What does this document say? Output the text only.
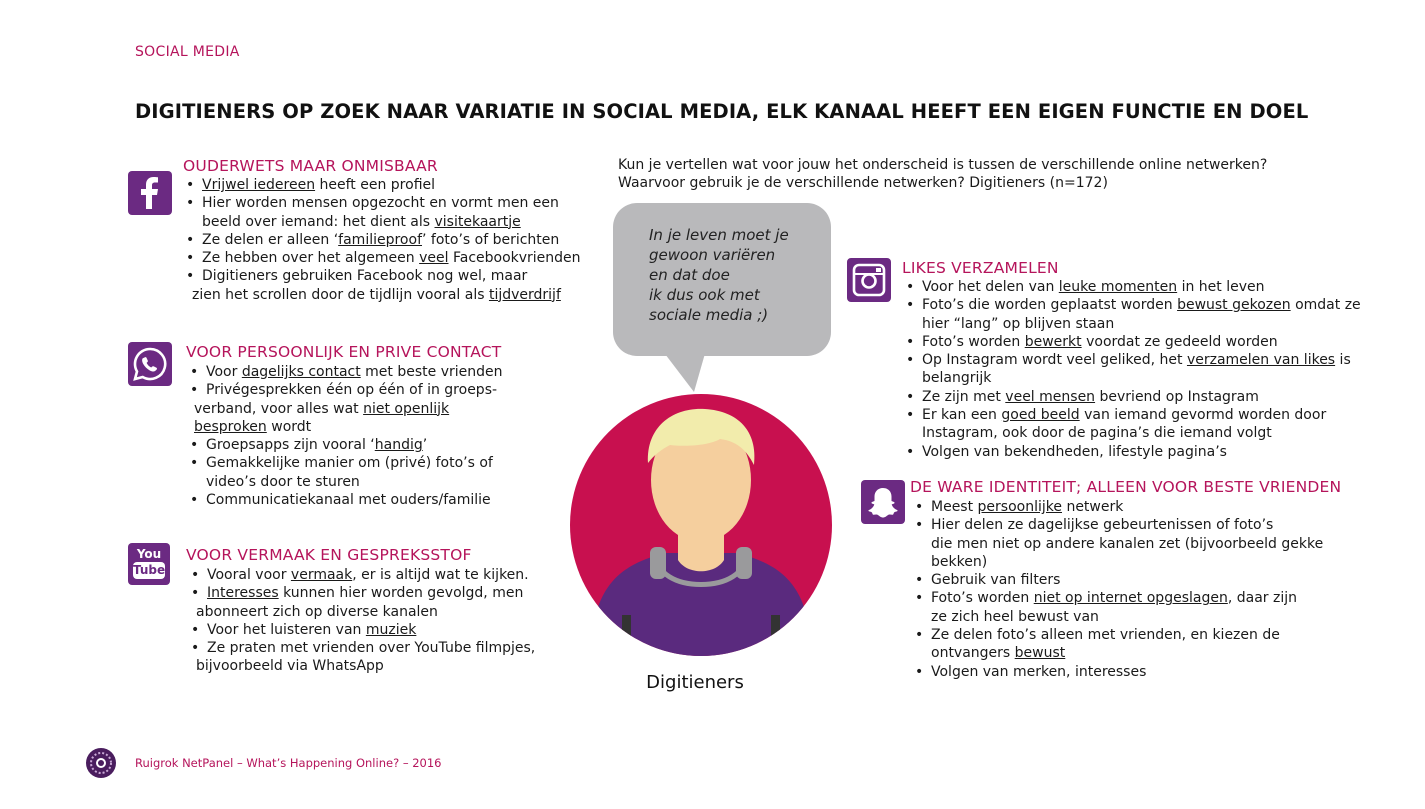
SOCIAL MEDIA
DIGITIENERS OP ZOEK NAAR VARIATIE IN SOCIAL MEDIA, ELK KANAAL HEEFT EEN EIGEN FUNCTIE EN DOEL
OUDERWETS MAAR ONMISBAAR
• Vrijwel iedereen heeft een profiel
• Hier worden mensen opgezocht en vormt men een
beeld over iemand: het dient als visitekaartje
• Ze delen er alleen ‘familieproof’ foto’s of berichten
• Ze hebben over het algemeen veel Facebookvrienden
• Digitieners gebruiken Facebook nog wel, maar
zien het scrollen door de tijdlijn vooral als tijdverdrijf
VOOR PERSOONLIJK EN PRIVE CONTACT
• Voor dagelijks contact met beste vrienden
• Privégesprekken één op één of in groeps-
verband, voor alles wat niet openlijk
besproken wordt
• Groepsapps zijn vooral ‘handig’
• Gemakkelijke manier om (privé) foto’s of
video’s door te sturen
• Communicatiekanaal met ouders/familie
You
Tube
VOOR VERMAAK EN GESPREKSSTOF
• Vooral voor vermaak, er is altijd wat te kijken.
• Interesses kunnen hier worden gevolgd, men
abonneert zich op diverse kanalen
• Voor het luisteren van muziek
• Ze praten met vrienden over YouTube filmpjes,
bijvoorbeeld via WhatsApp
Kun je vertellen wat voor jouw het onderscheid is tussen de verschillende online netwerken?
Waarvoor gebruik je de verschillende netwerken? Digitieners (n=172)
In je leven moet je
gewoon variëren
en dat doe
ik dus ook met
sociale media ;)
Digitieners
LIKES VERZAMELEN
• Voor het delen van leuke momenten in het leven
• Foto’s die worden geplaatst worden bewust gekozen omdat ze
hier “lang” op blijven staan
• Foto’s worden bewerkt voordat ze gedeeld worden
• Op Instagram wordt veel geliked, het verzamelen van likes is
belangrijk
• Ze zijn met veel mensen bevriend op Instagram
• Er kan een goed beeld van iemand gevormd worden door
Instagram, ook door de pagina’s die iemand volgt
• Volgen van bekendheden, lifestyle pagina’s
DE WARE IDENTITEIT; ALLEEN VOOR BESTE VRIENDEN
• Meest persoonlijke netwerk
• Hier delen ze dagelijkse gebeurtenissen of foto’s
die men niet op andere kanalen zet (bijvoorbeeld gekke
bekken)
• Gebruik van filters
• Foto’s worden niet op internet opgeslagen, daar zijn
ze zich heel bewust van
• Ze delen foto’s alleen met vrienden, en kiezen de
ontvangers bewust
• Volgen van merken, interesses
Ruigrok NetPanel – What’s Happening Online? – 2016
